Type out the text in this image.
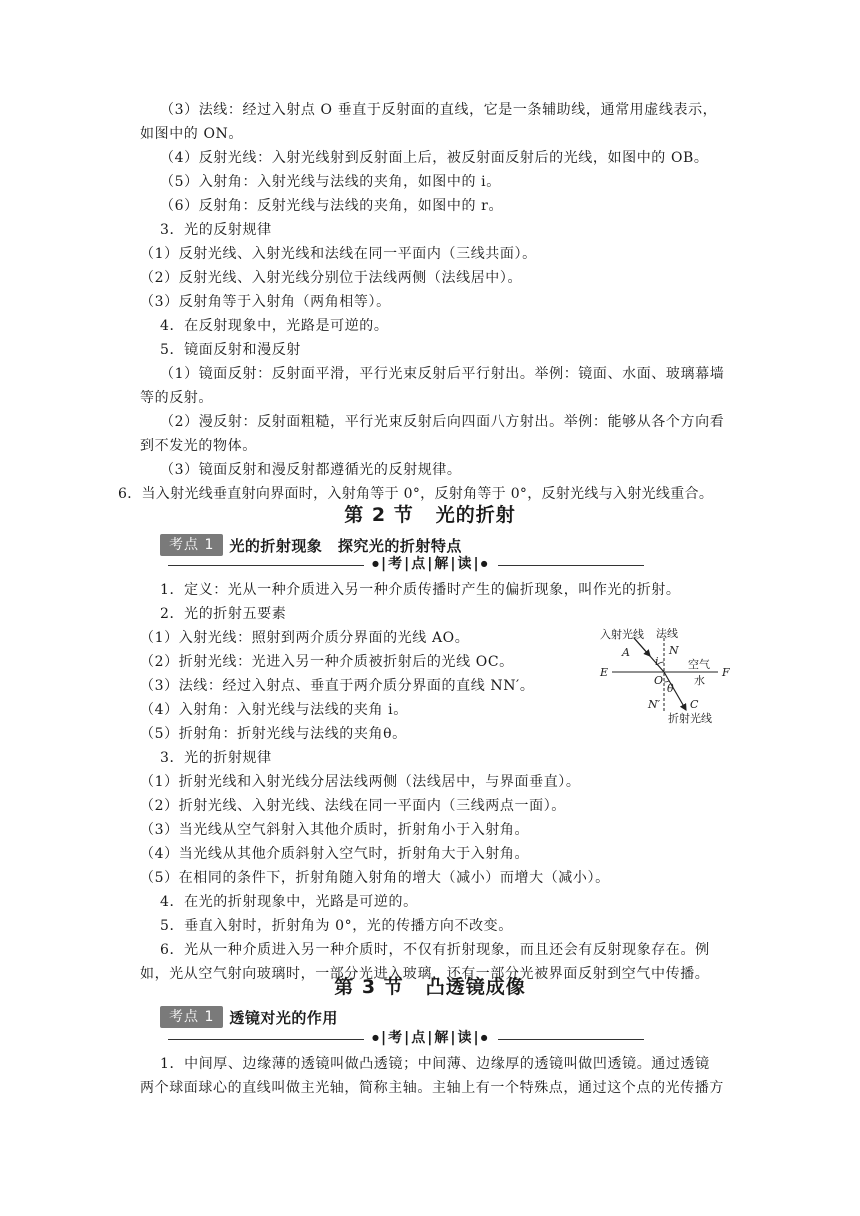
（3）法线：经过入射点 O 垂直于反射面的直线，它是一条辅助线，通常用虚线表示，
如图中的 ON。
（4）反射光线：入射光线射到反射面上后，被反射面反射后的光线，如图中的 OB。
（5）入射角：入射光线与法线的夹角，如图中的 i。
（6）反射角：反射光线与法线的夹角，如图中的 r。
3．光的反射规律
（1）反射光线、入射光线和法线在同一平面内（三线共面）。
（2）反射光线、入射光线分别位于法线两侧（法线居中）。
（3）反射角等于入射角（两角相等）。
4．在反射现象中，光路是可逆的。
5．镜面反射和漫反射
（1）镜面反射：反射面平滑，平行光束反射后平行射出。举例：镜面、水面、玻璃幕墙
等的反射。
（2）漫反射：反射面粗糙，平行光束反射后向四面八方射出。举例：能够从各个方向看
到不发光的物体。
（3）镜面反射和漫反射都遵循光的反射规律。
6．当入射光线垂直射向界面时，入射角等于 0°，反射角等于 0°，反射光线与入射光线重合。
第 2 节 光的折射
考点 1	光的折射现象　探究光的折射特点
●|考|点|解|读|●
1．定义：光从一种介质进入另一种介质传播时产生的偏折现象，叫作光的折射。
2．光的折射五要素
（1）入射光线：照射到两介质分界面的光线 AO。
（2）折射光线：光进入另一种介质被折射后的光线 OC。
（3）法线：经过入射点、垂直于两介质分界面的直线 NN′。
（4）入射角：入射光线与法线的夹角 i。
（5）折射角：折射光线与法线的夹角θ。
3．光的折射规律
（1）折射光线和入射光线分居法线两侧（法线居中，与界面垂直）。
（2）折射光线、入射光线、法线在同一平面内（三线两点一面）。
（3）当光线从空气斜射入其他介质时，折射角小于入射角。
（4）当光线从其他介质斜射入空气时，折射角大于入射角。
（5）在相同的条件下，折射角随入射角的增大（减小）而增大（减小）。
4．在光的折射现象中，光路是可逆的。
5．垂直入射时，折射角为 0°，光的传播方向不改变。
6．光从一种介质进入另一种介质时，不仅有折射现象，而且还会有反射现象存在。例
如，光从空气射向玻璃时，一部分光进入玻璃，还有一部分光被界面反射到空气中传播。
入射光线 法线
A	N
i	空气
水
E	F
O
θ
N′	C
折射光线
第 3 节 凸透镜成像
考点 1	透镜对光的作用
●|考|点|解|读|●
1．中间厚、边缘薄的透镜叫做凸透镜；中间薄、边缘厚的透镜叫做凹透镜。通过透镜
两个球面球心的直线叫做主光轴，简称主轴。主轴上有一个特殊点，通过这个点的光传播方
